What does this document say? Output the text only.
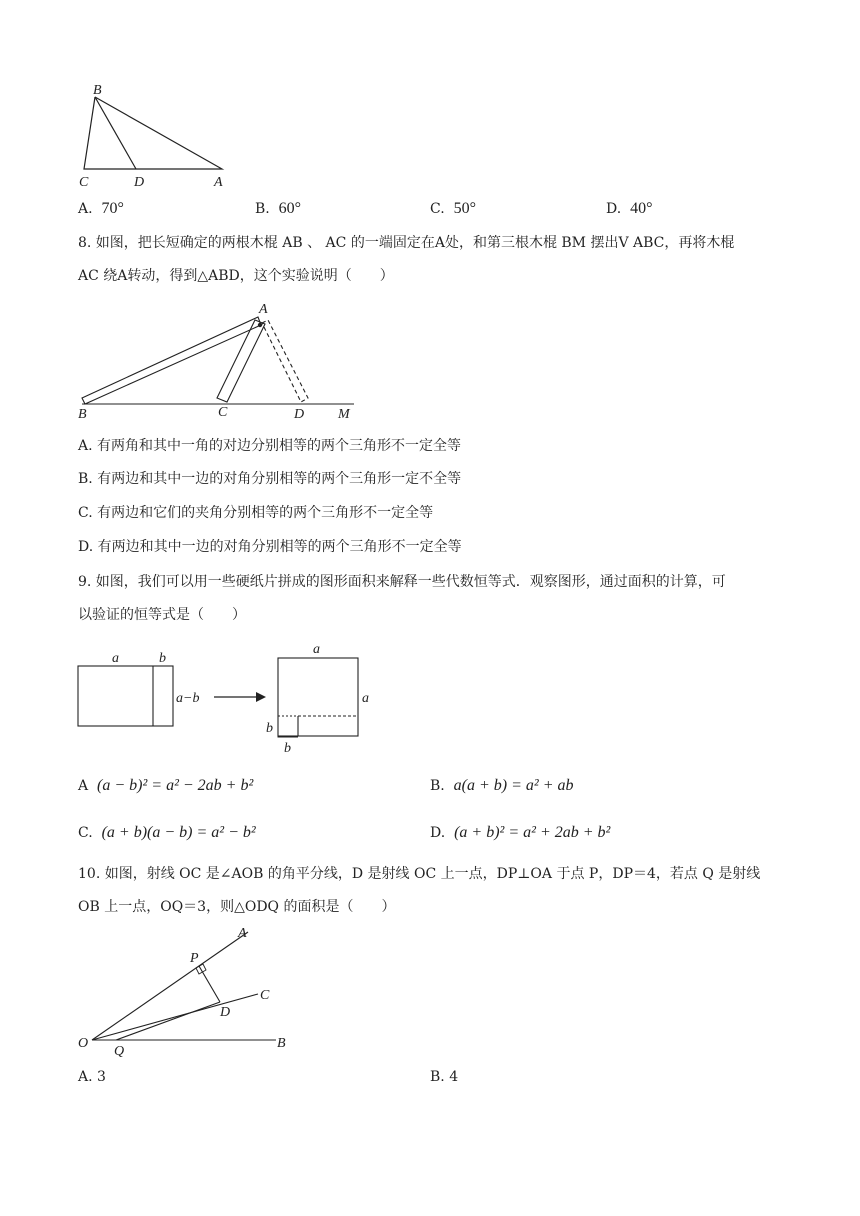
B
C	D	A
A. 70°	B. 60°	C. 50°	D. 40°
8. 如图，把长短确定的两根木棍 AB 、 AC 的一端固定在A处，和第三根木棍 BM 摆出V ABC，再将木棍
AC 绕A转动，得到△ABD，这个实验说明（　　）
A
B	C	D M
A. 有两角和其中一角的对边分别相等的两个三角形不一定全等
B. 有两边和其中一边的对角分别相等的两个三角形一定不全等
C. 有两边和它们的夹角分别相等的两个三角形不一定全等
D. 有两边和其中一边的对角分别相等的两个三角形不一定全等
9. 如图，我们可以用一些硬纸片拼成的图形面积来解释一些代数恒等式．观察图形，通过面积的计算，可
以验证的恒等式是（　　）
a	b
a−b
a
a
b
b
A (a − b)² = a² − 2ab + b²	B. a(a + b) = a² + ab
C. (a + b)(a − b) = a² − b²	D. (a + b)² = a² + 2ab + b²
10. 如图，射线 OC 是∠AOB 的角平分线，D 是射线 OC 上一点，DP⊥OA 于点 P，DP＝4，若点 Q 是射线
OB 上一点，OQ＝3，则△ODQ 的面积是（　　）
A
P
C
D
O
Q
B
A. 3	B. 4
